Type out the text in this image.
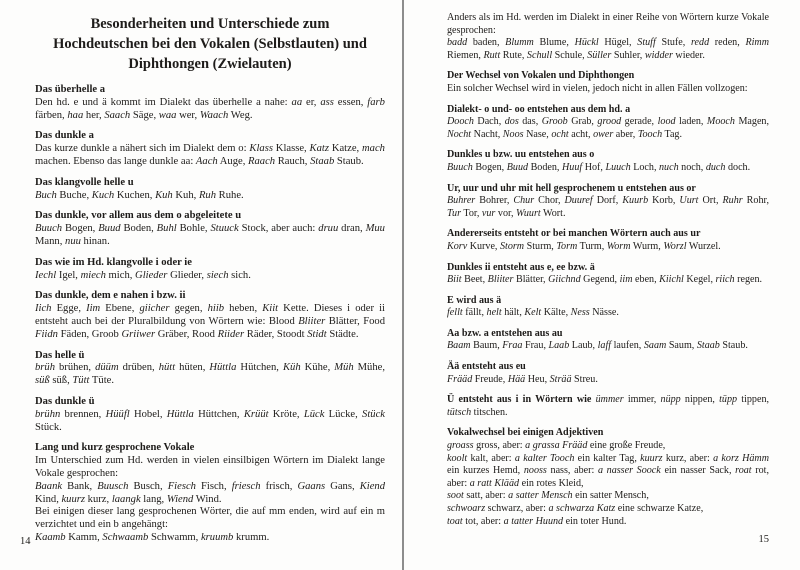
Besonderheiten und Unterschiede zum
Hochdeutschen bei den Vokalen (Selbstlauten) und
Diphthongen (Zwielauten)
Das überhelle a

Den hd. e und ä kommt im Dialekt das überhelle a nahe: aa er, ass essen, farb färben, haa her, Saach Säge, waa wer, Waach Weg.

Das dunkle a

Das kurze dunkle a nähert sich im Dialekt dem o: Klass Klasse, Katz Katze, mach machen. Ebenso das lange dunkle aa: Aach Auge, Raach Rauch, Staab Staub.

Das klangvolle helle u

Buch Buche, Kuch Kuchen, Kuh Kuh, Ruh Ruhe.

Das dunkle, vor allem aus dem o abgeleitete u

Buuch Bogen, Buud Boden, Buhl Bohle, Stuuck Stock, aber auch: druu dran, Muu Mann, nuu hinan.

Das wie im Hd. klangvolle i oder ie

Iechl Igel, miech mich, Glieder Glieder, siech sich.

Das dunkle, dem e nahen i bzw. ii

Iich Egge, Iim Ebene, giicher gegen, hiib heben, Kiit Kette. Dieses i oder ii entsteht auch bei der Pluralbildung von Wörtern wie: Blood Bliiter Blätter, Food Fiidn Fäden, Groob Griiwer Gräber, Rood Riider Räder, Stoodt Stidt Städte.

Das helle ü

brüh brühen, düüm drüben, hütt hüten, Hüttla Hütchen, Küh Kühe, Müh Mühe, süß süß, Tütt Tüte.

Das dunkle ü

brühn brennen, Hüüfl Hobel, Hüttla Hüttchen, Krüüt Kröte, Lück Lücke, Stück Stück.

Lang und kurz gesprochene Vokale

Im Unterschied zum Hd. werden in vielen einsilbigen Wörtern im Dialekt lange Vokale gesprochen:

Baank Bank, Buusch Busch, Fiesch Fisch, friesch frisch, Gaans Gans, Kiend Kind, kuurz kurz, laangk lang, Wiend Wind.

Bei einigen dieser lang gesprochenen Wörter, die auf mm enden, wird auf ein m verzichtet und ein b angehängt:

Kaamb Kamm, Schwaamb Schwamm, kruumb krumm.

Anders als im Hd. werden im Dialekt in einer Reihe von Wörtern kurze Vokale gesprochen:

badd baden, Blumm Blume, Hückl Hügel, Stuff Stufe, redd reden, Rimm Riemen, Rutt Rute, Schull Schule, Süller Suhler, widder wieder.

Der Wechsel von Vokalen und Diphthongen

Ein solcher Wechsel wird in vielen, jedoch nicht in allen Fällen vollzogen:

Dialekt- o und- oo entstehen aus dem hd. a

Dooch Dach, dos das, Groob Grab, grood gerade, lood laden, Mooch Magen, Nocht Nacht, Noos Nase, ocht acht, ower aber, Tooch Tag.

Dunkles u bzw. uu entstehen aus o

Buuch Bogen, Buud Boden, Huuf Hof, Luuch Loch, nuch noch, duch doch.

Ur, uur und uhr mit hell gesprochenem u entstehen aus or

Buhrer Bohrer, Chur Chor, Duuref Dorf, Kuurb Korb, Uurt Ort, Ruhr Rohr, Tur Tor, vur vor, Wuurt Wort.

Andererseits entsteht or bei manchen Wörtern auch aus ur

Korv Kurve, Storm Sturm, Torm Turm, Worm Wurm, Worzl Wurzel.

Dunkles ii entsteht aus e, ee bzw. ä

Biit Beet, Bliiter Blätter, Giichnd Gegend, iim eben, Kiichl Kegel, riich regen.

E wird aus ä

fellt fällt, helt hält, Kelt Kälte, Ness Nässe.

Aa bzw. a entstehen aus au

Baam Baum, Fraa Frau, Laab Laub, laff laufen, Saam Saum, Staab Staub.

Ää entsteht aus eu

Frääd Freude, Hää Heu, Strää Streu.

Ü entsteht aus i in Wörtern wie ümmer immer, nüpp nippen, tüpp tippen, tütsch titschen.

Vokalwechsel bei einigen Adjektiven

groass gross, aber: a grassa Frääd eine große Freude,

koolt kalt, aber: a kalter Tooch ein kalter Tag, kuurz kurz, aber: a korz Hämm ein kurzes Hemd, nooss nass, aber: a nasser Soock ein nasser Sack, roat rot, aber: a ratt Klääd ein rotes Kleid,

soot satt, aber: a satter Mensch ein satter Mensch,

schwoarz schwarz, aber: a schwarza Katz eine schwarze Katze,

toat tot, aber: a tatter Huund ein toter Hund.

14	15
